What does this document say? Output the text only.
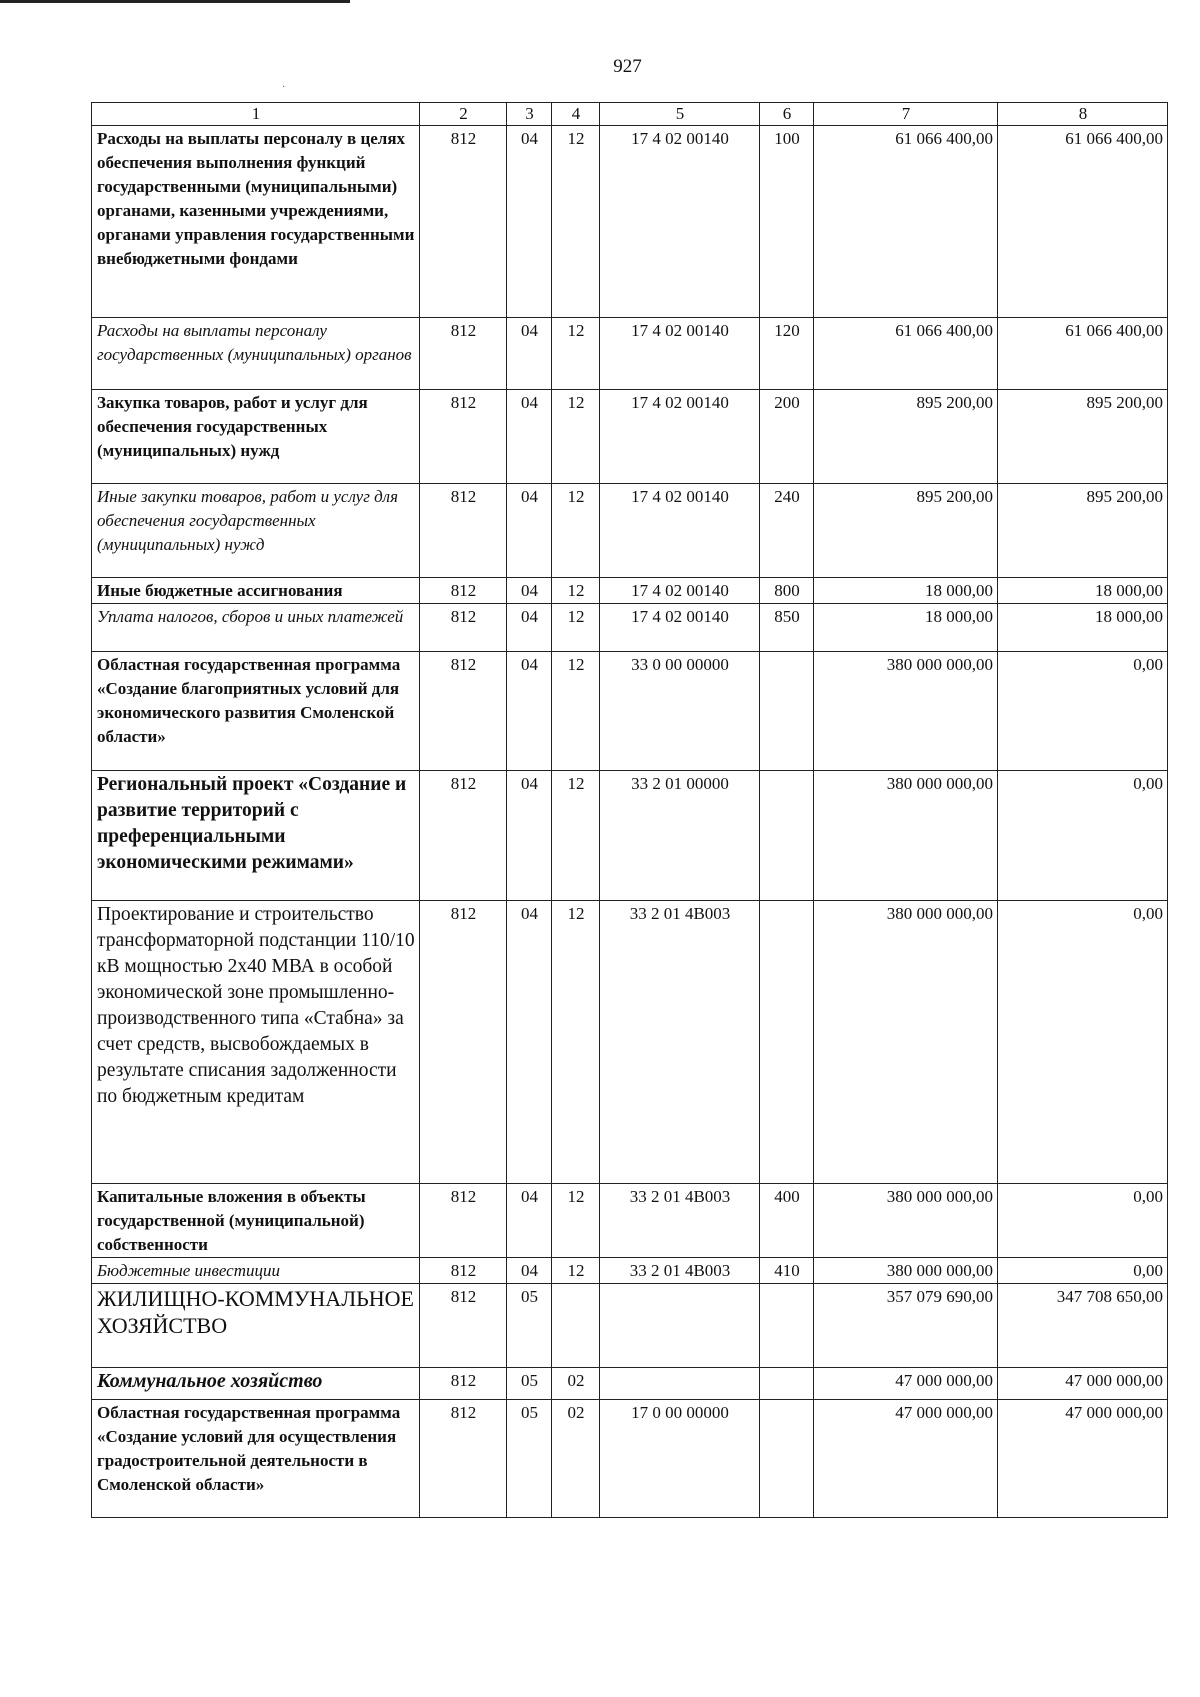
927
·
1	2	3	4	5	6	7	8
Расходы на выплаты персоналу в целях обеспечения выполнения функций государственными (муниципальными) органами, казенными учреждениями, органами управления государственными внебюджетными фондами	812	04	12	17 4 02 00140	100	61 066 400,00	61 066 400,00
Расходы на выплаты персоналу государственных (муниципальных) органов	812	04	12	17 4 02 00140	120	61 066 400,00	61 066 400,00
Закупка товаров, работ и услуг для обеспечения государственных (муниципальных) нужд	812	04	12	17 4 02 00140	200	895 200,00	895 200,00
Иные закупки товаров, работ и услуг для обеспечения государственных (муниципальных) нужд	812	04	12	17 4 02 00140	240	895 200,00	895 200,00
Иные бюджетные ассигнования	812	04	12	17 4 02 00140	800	18 000,00	18 000,00
Уплата налогов, сборов и иных платежей	812	04	12	17 4 02 00140	850	18 000,00	18 000,00
Областная государственная программа «Создание благоприятных условий для экономического развития Смоленской области»	812	04	12	33 0 00 00000		380 000 000,00	0,00
Региональный проект «Создание и развитие территорий с преференциальными экономическими режимами»	812	04	12	33 2 01 00000		380 000 000,00	0,00
Проектирование и строительство трансформаторной подстанции 110/10 кВ мощностью 2х40 МВА в особой экономической зоне промышленно-производственного типа «Стабна» за счет средств, высвобождаемых в результате списания задолженности по бюджетным кредитам	812	04	12	33 2 01 4В003		380 000 000,00	0,00
Капитальные вложения в объекты государственной (муниципальной) собственности	812	04	12	33 2 01 4В003	400	380 000 000,00	0,00
Бюджетные инвестиции	812	04	12	33 2 01 4В003	410	380 000 000,00	0,00
ЖИЛИЩНО-КОММУНАЛЬНОЕ ХОЗЯЙСТВО	812	05				357 079 690,00	347 708 650,00
Коммунальное хозяйство	812	05	02			47 000 000,00	47 000 000,00
Областная государственная программа «Создание условий для осуществления градостроительной деятельности в Смоленской области»	812	05	02	17 0 00 00000		47 000 000,00	47 000 000,00
